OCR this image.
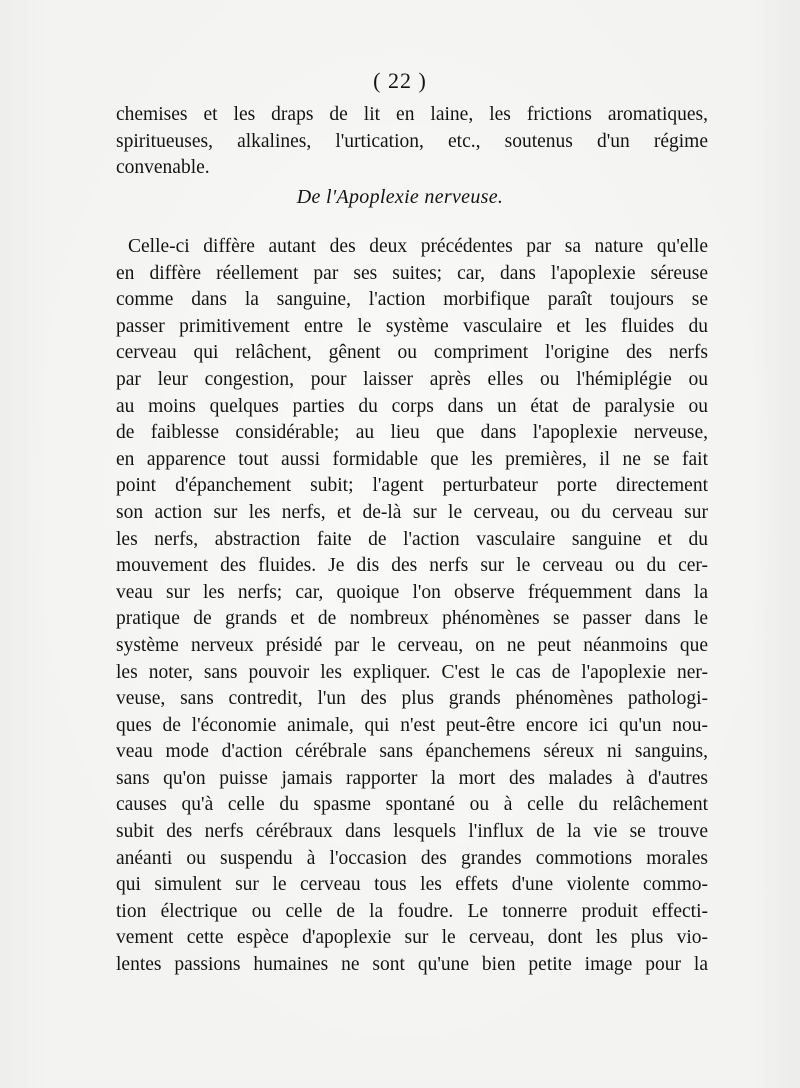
( 22 )
chemises et les draps de lit en laine, les frictions aromatiques,
spiritueuses, alkalines, l'urtication, etc., soutenus d'un régime
convenable.
De l'Apoplexie nerveuse.
Celle-ci diffère autant des deux précédentes par sa nature qu'elle
en diffère réellement par ses suites; car, dans l'apoplexie séreuse
comme dans la sanguine, l'action morbifique paraît toujours se
passer primitivement entre le système vasculaire et les fluides du
cerveau qui relâchent, gênent ou compriment l'origine des nerfs
par leur congestion, pour laisser après elles ou l'hémiplégie ou
au moins quelques parties du corps dans un état de paralysie ou
de faiblesse considérable; au lieu que dans l'apoplexie nerveuse,
en apparence tout aussi formidable que les premières, il ne se fait
point d'épanchement subit; l'agent perturbateur porte directement
son action sur les nerfs, et de-là sur le cerveau, ou du cerveau sur
les nerfs, abstraction faite de l'action vasculaire sanguine et du
mouvement des fluides. Je dis des nerfs sur le cerveau ou du cer-
veau sur les nerfs; car, quoique l'on observe fréquemment dans la
pratique de grands et de nombreux phénomènes se passer dans le
système nerveux présidé par le cerveau, on ne peut néanmoins que
les noter, sans pouvoir les expliquer. C'est le cas de l'apoplexie ner-
veuse, sans contredit, l'un des plus grands phénomènes pathologi-
ques de l'économie animale, qui n'est peut-être encore ici qu'un nou-
veau mode d'action cérébrale sans épanchemens séreux ni sanguins,
sans qu'on puisse jamais rapporter la mort des malades à d'autres
causes qu'à celle du spasme spontané ou à celle du relâchement
subit des nerfs cérébraux dans lesquels l'influx de la vie se trouve
anéanti ou suspendu à l'occasion des grandes commotions morales
qui simulent sur le cerveau tous les effets d'une violente commo-
tion électrique ou celle de la foudre. Le tonnerre produit effecti-
vement cette espèce d'apoplexie sur le cerveau, dont les plus vio-
lentes passions humaines ne sont qu'une bien petite image pour la
